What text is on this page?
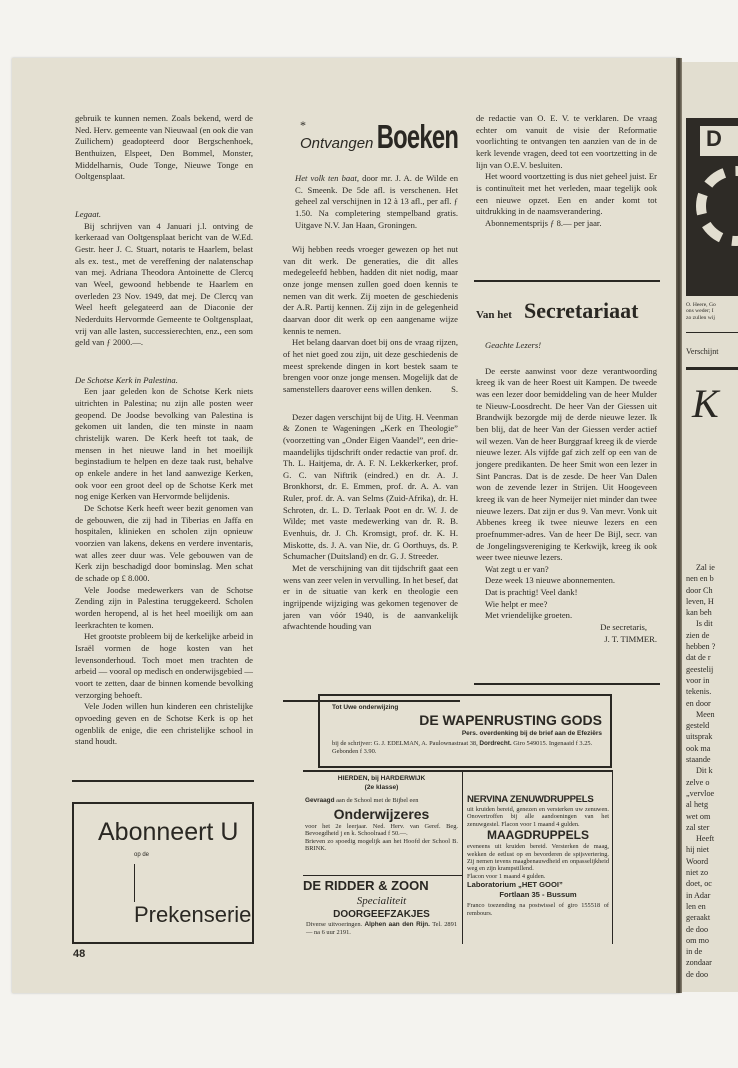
gebruik te kunnen nemen. Zoals bekend, werd de Ned. Herv. gemeente van Nieuwaal (en ook die van Zuilichem) geadopteerd door Bergschenhoek, Benthuizen, Elspeet, Den Bommel, Monster, Middelharnis, Oude Tonge, Nieuwe Tonge en Ooltgensplaat.

Legaat.

Bij schrijven van 4 Januari j.l. ontving de kerkeraad van Ooltgensplaat bericht van de W.Ed. Gestr. heer J. C. Stuart, notaris te Haarlem, belast als ex. test., met de vereffening der nalatenschap van mej. Adriana Theodora Antoinette de Clercq van Weel, gewoond hebbende te Haarlem en overleden 23 Nov. 1949, dat mej. De Clercq van Weel heeft gelegateerd aan de Diaconie der Nederduits Hervormde Gemeente te Ooltgensplaat, vrij van alle lasten, successierechten, enz., een som geld van ƒ 2000.—.

De Schotse Kerk in Palestina.

Een jaar geleden kon de Schotse Kerk niets uitrichten in Palestina; nu zijn alle posten weer geopend. De Joodse bevolking van Palestina is gekomen uit landen, die ten minste in naam christelijk waren. De Kerk heeft tot taak, de mensen in het nieuwe land in het moeilijk beginstadium te helpen en deze taak rust, behalve op enkele andere in het land aanwezige Kerken, ook voor een groot deel op de Schotse Kerk met nog enige Kerken van Hervormde belijdenis.

De Schotse Kerk heeft weer bezit genomen van de gebouwen, die zij had in Tiberias en Jaffa en hospitalen, klinieken en scholen zijn opnieuw voorzien van lakens, dekens en verdere inventaris, wat alles zeer duur was. Vele gebouwen van de Kerk zijn beschadigd door bominslag. Men schat de schade op £ 8.000.

Vele Joodse medewerkers van de Schotse Zending zijn in Palestina teruggekeerd. Scholen worden heropend, al is het heel moeilijk om aan leerkrachten te komen.

Het grootste probleem bij de kerkelijke arbeid in Israël vormen de hoge kosten van het levensonderhoud. Toch moet men trachten de arbeid — vooral op medisch en onderwijsgebied — voort te zetten, daar de binnen komende bevolking verzorging behoeft.

Vele Joden willen hun kinderen een christelijke opvoeding geven en de Schotse Kerk is op het ogenblik de enige, die een christelijke school in stand houdt.

Abonneert U
op de
Prekenserie
48
*
Ontvangen Boeken

Het volk ten baat, door mr. J. A. de Wilde en C. Smeenk. De 5de afl. is verschenen. Het geheel zal verschijnen in 12 à 13 afl., per afl. ƒ 1.50. Na completering stempelband gratis. Uitgave N.V. Jan Haan, Groningen.

Wij hebben reeds vroeger gewezen op het nut van dit werk. De generaties, die dit alles medegeleefd hebben, hadden dit niet nodig, maar onze jonge mensen zullen goed doen kennis te nemen van dit werk. Zij moeten de geschiedenis der A.R. Partij kennen. Zij zijn in de gelegenheid daarvan door dit werk op een aangename wijze kennis te nemen.

Het belang daarvan doet bij ons de vraag rijzen, of het niet goed zou zijn, uit deze geschiedenis de meest sprekende dingen in kort bestek saam te brengen voor onze jonge mensen. Mogelijk dat de samenstellers daarover eens willen denken.	S.

Dezer dagen verschijnt bij de Uitg. H. Veenman & Zonen te Wageningen „Kerk en Theologie” (voorzetting van „Onder Eigen Vaandel”, een drie-maandelijks tijdschrift onder redactie van prof. dr. Th. L. Haitjema, dr. A. F. N. Lekkerkerker, prof. G. C. van Niftrik (eindred.) en dr. A. J. Bronkhorst, dr. E. Emmen, prof. dr. A. A. van Ruler, prof. dr. A. van Selms (Zuid-Afrika), dr. H. Schroten, dr. L. D. Terlaak Poot en dr. W. J. de Wilde; met vaste medewerking van dr. R. B. Evenhuis, dr. J. Ch. Kromsigt, prof. dr. K. H. Miskotte, ds. J. A. van Nie, dr. G Oorthuys, ds. P. Schumacher (Duitsland) en dr. G. J. Streeder.

Met de verschijning van dit tijdschrift gaat een wens van zeer velen in vervulling. In het besef, dat er in de situatie van kerk en theologie een ingrijpende wijziging was gekomen tegenover de jaren van vóór 1940, is de aanvankelijk afwachtende houding van

de redactie van O. E. V. te verklaren. De vraag echter om vanuit de visie der Reformatie voorlichting te ontvangen ten aanzien van de in de kerk levende vragen, deed tot een voortzetting in de lijn van O.E.V. besluiten.

Het woord voortzetting is dus niet geheel juist. Er is continuïteit met het verleden, maar tegelijk ook een nieuwe opzet. Een en ander komt tot uitdrukking in de naamsverandering.

Abonnementsprijs ƒ 8.— per jaar.

Van het Secretariaat

Geachte Lezers!

De eerste aanwinst voor deze verantwoording kreeg ik van de heer Roest uit Kampen. De tweede was een lezer door bemiddeling van de heer Mulder te Nieuw-Loosdrecht. De heer Van der Giessen uit Brandwijk bezorgde mij de derde nieuwe lezer. Ik ben blij, dat de heer Van der Giessen verder actief wil wezen. Van de heer Burggraaf kreeg ik de vierde nieuwe lezer. Als vijfde gaf zich zelf op een van de jongere predikanten. De heer Smit won een lezer in Sint Pancras. Dat is de zesde. De heer Van Dalen won de zevende lezer in Strijen. Uit Hoogeveen kreeg ik van de heer Nymeijer niet minder dan twee nieuwe lezers. Dat zijn er dus 9. Van mevr. Vonk uit Abbenes kreeg ik twee nieuwe lezers en een proefnummer-adres. Van de heer De Bijl, secr. van de Jongelingsvereniging te Kerkwijk, kreeg ik ook weer twee nieuwe lezers.

Wat zegt u er van?

Deze week 13 nieuwe abonnementen.

Dat is prachtig! Veel dank!

Wie helpt er mee?

Met vriendelijke groeten.

De secretaris,

J. T. TIMMER.

Tot Uwe onderwijzing
DE WAPENRUSTING GODS
Pers. overdenking bij de brief aan de Efeziërs
bij de schrijver: G. J. EDELMAN, A. Paulownastraat 38, Dordrecht. Giro 549015. Ingenaaid f 3.25. Gebonden f 3.90.
HIERDEN, bij HARDERWIJK
(2e klasse)
Gevraagd aan de School met de Bijbel een
Onderwijzeres
voor het 2e leerjaar. Ned. Herv. van Geref. Beg. Bevoegdheid j en k. Schoolraad f 50.—.
Brieven zo spoedig mogelijk aan het Hoofd der School B. BRINK.
DE RIDDER & ZOON
Specialiteit
DOORGEEFZAKJES
Diverse uitvoeringen. Alphen aan den Rijn. Tel. 2891 — na 6 uur 2191.
NERVINA ZENUWDRUPPELS
uit kruiden bereid, genezen en versterken uw zenuwen. Onovertroffen bij alle aandoeningen van het zenuwgestel. Flacon voor 1 maand 4 gulden.
MAAGDRUPPELS
eveneens uit kruiden bereid. Versterken de maag, wekken de eetlust op en bevorderen de spijsvertering. Zij nemen tevens maagbenauwdheid en onpasselijkheid weg en zijn krampstillend.
Flacon voor 1 maand 4 gulden.
Laboratorium „HET GOOI”
Fortlaan 35 - Bussum
Franco toezending na postwissel of giro 155518 of rembours.
D
O. Heere, Go
ons weder; I
zo zullen wij
Verschijnt
K
Zal ie
nen en b
door Ch
leven, H
kan beh
Is dit
zien de
hebben ?
dat de r
geestelij
voor in
tekenis.
en door
Meen
gesteld
uitsprak
ook ma
staande
Dit k
zelve o
„vervloe
al hetg
wet om
zal ster
Heeft
hij niet
Woord
niet zo
doet, oc
in Adar
len en
geraakt
de doo
om mo
in de
zondaar
de doo
